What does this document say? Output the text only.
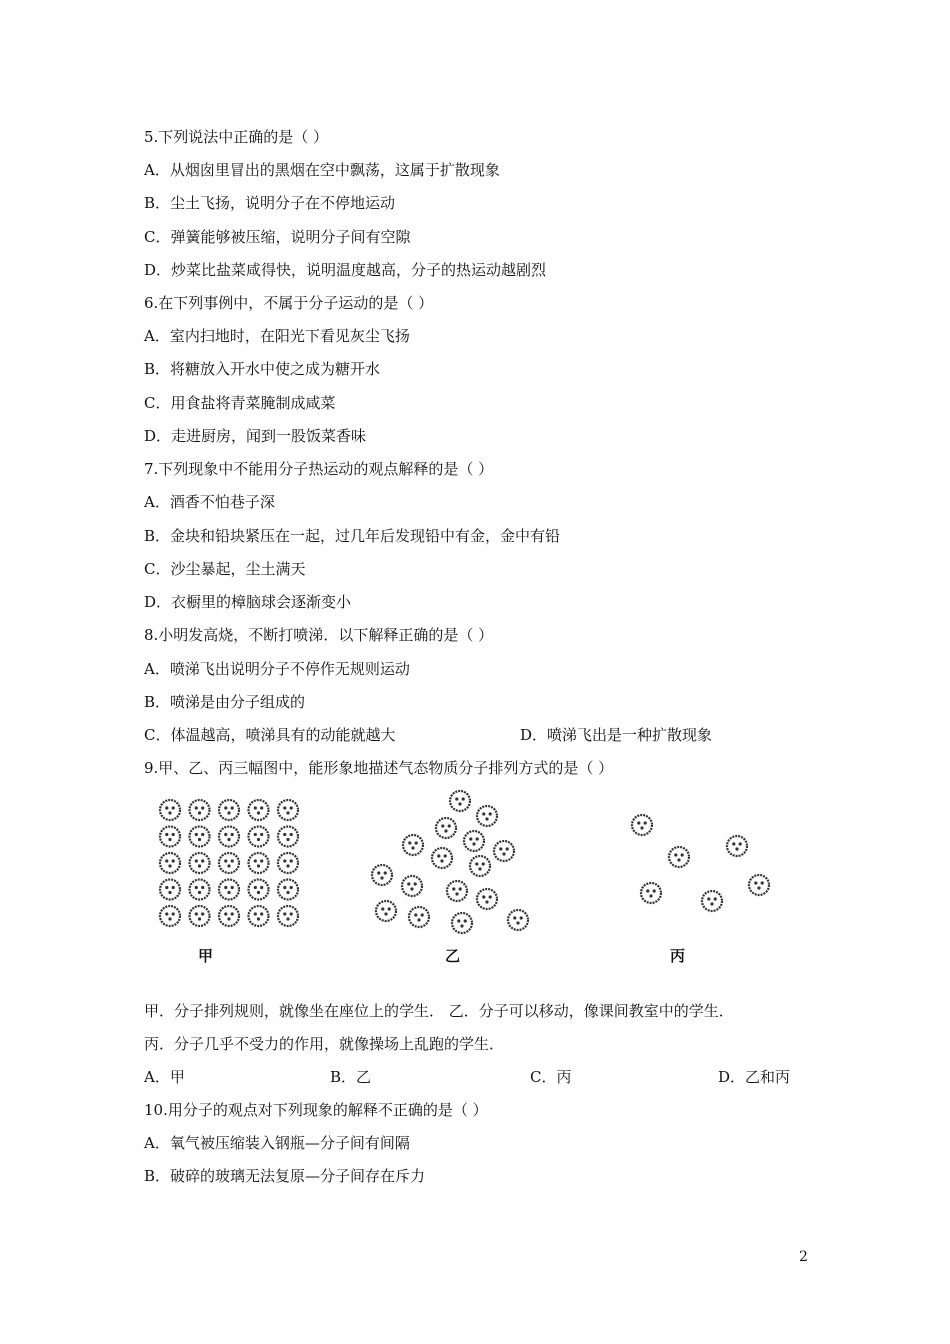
5.下列说法中正确的是（ ）
A．从烟囱里冒出的黑烟在空中飘荡，这属于扩散现象
B．尘土飞扬，说明分子在不停地运动
C．弹簧能够被压缩，说明分子间有空隙
D．炒菜比盐菜咸得快，说明温度越高，分子的热运动越剧烈
6.在下列事例中，不属于分子运动的是（ ）
A．室内扫地时，在阳光下看见灰尘飞扬
B．将糖放入开水中使之成为糖开水
C．用食盐将青菜腌制成咸菜
D．走进厨房，闻到一股饭菜香味
7.下列现象中不能用分子热运动的观点解释的是（ ）
A．酒香不怕巷子深
B．金块和铅块紧压在一起，过几年后发现铅中有金，金中有铅
C．沙尘暴起，尘土满天
D．衣橱里的樟脑球会逐渐变小
8.小明发高烧，不断打喷涕．以下解释正确的是（ ）
A．喷涕飞出说明分子不停作无规则运动
B．喷涕是由分子组成的
C．体温越高，喷涕具有的动能就越大	D．喷涕飞出是一种扩散现象
9.甲、乙、丙三幅图中，能形象地描述气态物质分子排列方式的是（ ）
甲	乙	丙
甲．分子排列规则，就像坐在座位上的学生． 乙．分子可以移动，像课间教室中的学生．
丙．分子几乎不受力的作用，就像操场上乱跑的学生．
A．甲	B．乙	C．丙	D．乙和丙
10.用分子的观点对下列现象的解释不正确的是（ ）
A．氧气被压缩装入钢瓶—分子间有间隔
B．破碎的玻璃无法复原—分子间存在斥力
2
